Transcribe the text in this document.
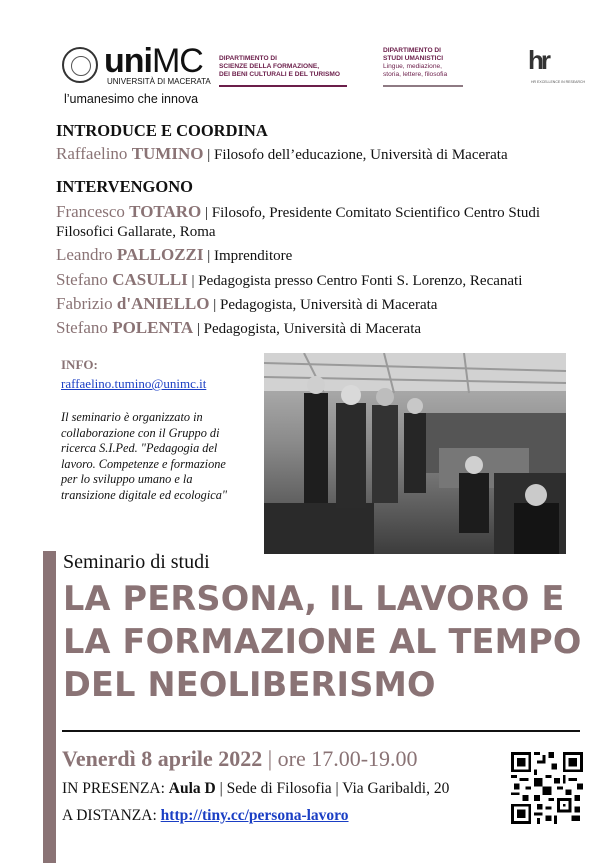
uniMC
UNIVERSITÀ DI MACERATA
l’umanesimo che innova
DIPARTIMENTO DI
SCIENZE DELLA FORMAZIONE,
DEI BENI CULTURALI E DEL TURISMO
DIPARTIMENTO DI
STUDI UMANISTICI
Lingue, mediazione,
storia, lettere, filosofia	hr
HR EXCELLENCE IN RESEARCH
INTRODUCE E COORDINA
Raffaelino TUMINO | Filosofo dell’educazione, Università di Macerata
INTERVENGONO
Francesco TOTARO | Filosofo, Presidente Comitato Scientifico Centro Studi Filosofici Gallarate, Roma
Leandro PALLOZZI | Imprenditore
Stefano CASULLI | Pedagogista presso Centro Fonti S. Lorenzo, Recanati
Fabrizio d'ANIELLO | Pedagogista, Università di Macerata
Stefano POLENTA | Pedagogista, Università di Macerata
INFO:
raffaelino.tumino@unimc.it
Il seminario è organizzato in collaborazione con il Gruppo di ricerca S.I.Ped. "Pedagogia del lavoro. Competenze e formazione per lo sviluppo umano e la transizione digitale ed ecologica"
Seminario di studi
LA PERSONA, IL LAVORO E LA FORMAZIONE AL TEMPO DEL NEOLIBERISMO
Venerdì 8 aprile 2022 | ore 17.00-19.00
IN PRESENZA: Aula D | Sede di Filosofia | Via Garibaldi, 20
A DISTANZA: http://tiny.cc/persona-lavoro
